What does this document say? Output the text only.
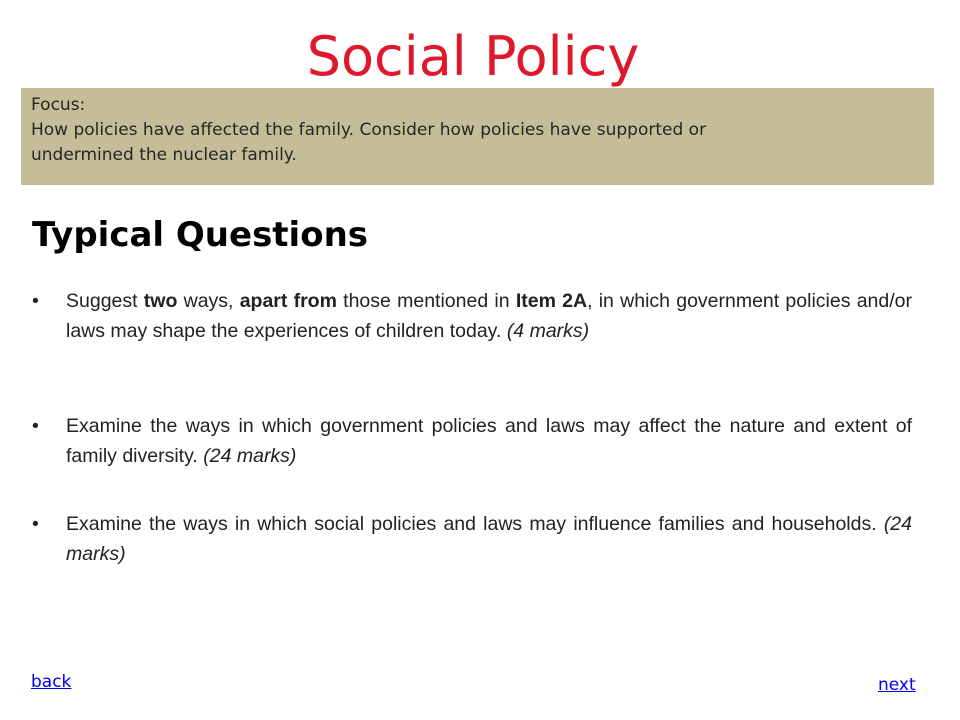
Social Policy
Focus:
How policies have affected the family. Consider how policies have supported or
undermined the nuclear family.
Typical Questions
• Suggest two ways, apart from those mentioned in Item 2A, in which government policies and/or laws may shape the experiences of children today. (4 marks)
• Examine the ways in which government policies and laws may affect the nature and extent of family diversity. (24 marks)
• Examine the ways in which social policies and laws may influence families and households. (24 marks)
back	next
